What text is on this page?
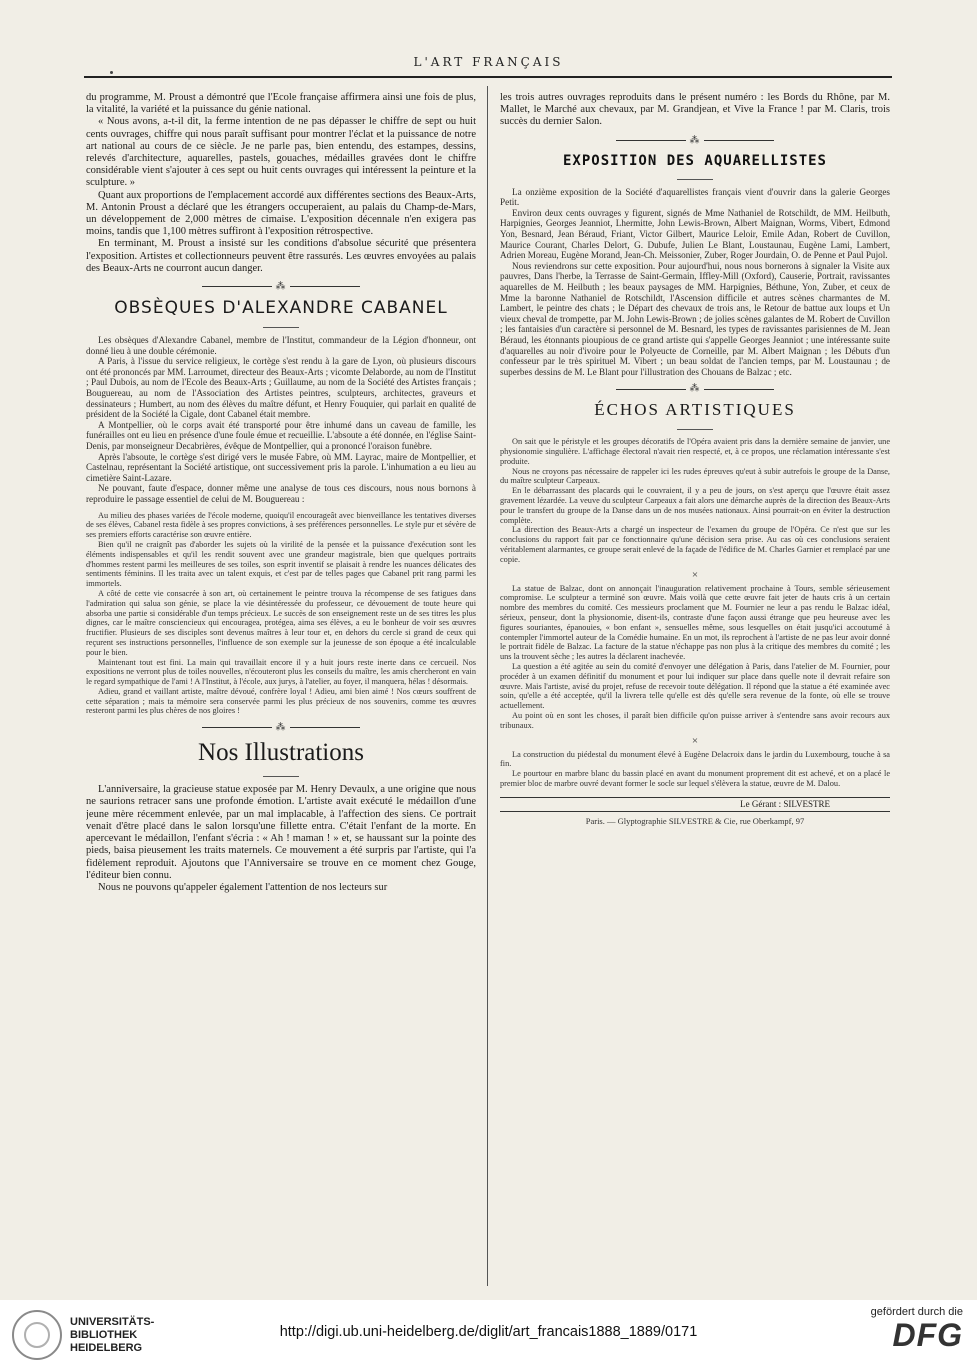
L'ART FRANÇAIS

du programme, M. Proust a démontré que l'Ecole française affirmera ainsi une fois de plus, la vitalité, la variété et la puissance du génie national.

« Nous avons, a-t-il dit, la ferme intention de ne pas dépasser le chiffre de sept ou huit cents ouvrages, chiffre qui nous paraît suffisant pour montrer l'éclat et la puissance de notre art national au cours de ce siècle. Je ne parle pas, bien entendu, des estampes, dessins, relevés d'architecture, aquarelles, pastels, gouaches, médailles gravées dont le chiffre considérable vient s'ajouter à ces sept ou huit cents ouvrages qui intéressent la peinture et la sculpture. »

Quant aux proportions de l'emplacement accordé aux différentes sections des Beaux-Arts, M. Antonin Proust a déclaré que les étrangers occuperaient, au palais du Champ-de-Mars, un développement de 2,000 mètres de cimaise. L'exposition décennale n'en exigera pas moins, tandis que 1,100 mètres suffiront à l'exposition rétrospective.

En terminant, M. Proust a insisté sur les conditions d'absolue sécurité que présentera l'exposition. Artistes et collectionneurs peuvent être rassurés. Les œuvres envoyées au palais des Beaux-Arts ne courront aucun danger.

⁂
OBSÈQUES D'ALEXANDRE CABANEL

Les obsèques d'Alexandre Cabanel, membre de l'Institut, commandeur de la Légion d'honneur, ont donné lieu à une double cérémonie.

A Paris, à l'issue du service religieux, le cortège s'est rendu à la gare de Lyon, où plusieurs discours ont été prononcés par MM. Larroumet, directeur des Beaux-Arts ; vicomte Delaborde, au nom de l'Institut ; Paul Dubois, au nom de l'Ecole des Beaux-Arts ; Guillaume, au nom de la Société des Artistes français ; Bouguereau, au nom de l'Association des Artistes peintres, sculpteurs, architectes, graveurs et dessinateurs ; Humbert, au nom des élèves du maître défunt, et Henry Fouquier, qui parlait en qualité de président de la Société la Cigale, dont Cabanel était membre.

A Montpellier, où le corps avait été transporté pour être inhumé dans un caveau de famille, les funérailles ont eu lieu en présence d'une foule émue et recueillie. L'absoute a été donnée, en l'église Saint-Denis, par monseigneur Decabrières, évêque de Montpellier, qui a prononcé l'oraison funèbre.

Après l'absoute, le cortège s'est dirigé vers le musée Fabre, où MM. Layrac, maire de Montpellier, et Castelnau, représentant la Société artistique, ont successivement pris la parole. L'inhumation a eu lieu au cimetière Saint-Lazare.

Ne pouvant, faute d'espace, donner même une analyse de tous ces discours, nous nous bornons à reproduire le passage essentiel de celui de M. Bouguereau :

Au milieu des phases variées de l'école moderne, quoiqu'il encourageât avec bienveillance les tentatives diverses de ses élèves, Cabanel resta fidèle à ses propres convictions, à ses préférences personnelles. Le style pur et sévère de ses premiers efforts caractérise son œuvre entière.

Bien qu'il ne craignît pas d'aborder les sujets où la virilité de la pensée et la puissance d'exécution sont les éléments indispensables et qu'il les rendit souvent avec une grandeur magistrale, bien que quelques portraits d'hommes restent parmi les meilleures de ses toiles, son esprit inventif se plaisait à rendre les nuances délicates des sentiments féminins. Il les traita avec un talent exquis, et c'est par de telles pages que Cabanel prit rang parmi les immortels.

A côté de cette vie consacrée à son art, où certainement le peintre trouva la récompense de ses fatigues dans l'admiration qui salua son génie, se place la vie désintéressée du professeur, ce dévouement de toute heure qui absorba une partie si considérable d'un temps précieux. Le succès de son enseignement reste un de ses titres les plus dignes, car le maître consciencieux qui encourageа, protégea, aima ses élèves, a eu le bonheur de voir ses œuvres fructifier. Plusieurs de ses disciples sont devenus maîtres à leur tour et, en dehors du cercle si grand de ceux qui reçurent ses instructions personnelles, l'influence de son exemple sur la jeunesse de son époque a été incalculable pour le bien.

Maintenant tout est fini. La main qui travaillait encore il y a huit jours reste inerte dans ce cercueil. Nos expositions ne verront plus de toiles nouvelles, n'écouteront plus les conseils du maître, les amis chercheront en vain le regard sympathique de l'ami ! A l'Institut, à l'école, aux jurys, à l'atelier, au foyer, il manquera, hélas ! désormais.

Adieu, grand et vaillant artiste, maître dévoué, confrère loyal ! Adieu, ami bien aimé ! Nos cœurs souffrent de cette séparation ; mais ta mémoire sera conservée parmi les plus précieux de nos souvenirs, comme tes œuvres resteront parmi les plus chères de nos gloires !

⁂
Nos Illustrations

L'anniversaire, la gracieuse statue exposée par M. Henry Devaulx, a une origine que nous ne saurions retracer sans une profonde émotion. L'artiste avait exécuté le médaillon d'une jeune mère récemment enlevée, par un mal implacable, à l'affection des siens. Ce portrait venait d'être placé dans le salon lorsqu'une fillette entra. C'était l'enfant de la morte. En apercevant le médaillon, l'enfant s'écria : « Ah ! maman ! » et, se haussant sur la pointe des pieds, baisa pieusement les traits maternels. Ce mouvement a été surpris par l'artiste, qui l'a fidèlement reproduit. Ajoutons que l'Anniversaire se trouve en ce moment chez Gouge, l'éditeur bien connu.

Nous ne pouvons qu'appeler également l'attention de nos lecteurs sur

les trois autres ouvrages reproduits dans le présent numéro : les Bords du Rhône, par M. Mallet, le Marché aux chevaux, par M. Grandjean, et Vive la France ! par M. Claris, trois succès du dernier Salon.

⁂
EXPOSITION DES AQUARELLISTES

La onzième exposition de la Société d'aquarellistes français vient d'ouvrir dans la galerie Georges Petit.

Environ deux cents ouvrages y figurent, signés de Mme Nathaniel de Rotschildt, de MM. Heilbuth, Harpignies, Georges Jeanniot, Lhermitte, John Lewis-Brown, Albert Maignan, Worms, Vibert, Edmond Yon, Besnard, Jean Béraud, Friant, Victor Gilbert, Maurice Leloir, Emile Adan, Robert de Cuvillon, Maurice Courant, Charles Delort, G. Dubufe, Julien Le Blant, Loustaunau, Eugène Lami, Lambert, Adrien Moreau, Eugène Morand, Jean-Ch. Meissonier, Zuber, Roger Jourdain, O. de Penne et Paul Pujol.

Nous reviendrons sur cette exposition. Pour aujourd'hui, nous nous bornerons à signaler la Visite aux pauvres, Dans l'herbe, la Terrasse de Saint-Germain, Iffley-Mill (Oxford), Causerie, Portrait, ravissantes aquarelles de M. Heilbuth ; les beaux paysages de MM. Harpignies, Béthune, Yon, Zuber, et ceux de Mme la baronne Nathaniel de Rotschildt, l'Ascension difficile et autres scènes charmantes de M. Lambert, le peintre des chats ; le Départ des chevaux de trois ans, le Retour de battue aux loups et Un vieux cheval de trompette, par M. John Lewis-Brown ; de jolies scènes galantes de M. Robert de Cuvillon ; les fantaisies d'un caractère si personnel de M. Besnard, les types de ravissantes parisiennes de M. Jean Béraud, les étonnants pioupious de ce grand artiste qui s'appelle Georges Jeanniot ; une intéressante suite d'aquarelles au noir d'ivoire pour le Polyeucte de Corneille, par M. Albert Maignan ; les Débuts d'un confesseur par le très spirituel M. Vibert ; un beau soldat de l'ancien temps, par M. Loustaunau ; de superbes dessins de M. Le Blant pour l'illustration des Chouans de Balzac ; etc.

⁂
ÉCHOS ARTISTIQUES

On sait que le péristyle et les groupes décoratifs de l'Opéra avaient pris dans la dernière semaine de janvier, une physionomie singulière. L'affichage électoral n'avait rien respecté, et, à ce propos, une réclamation intéressante s'est produite.

Nous ne croyons pas nécessaire de rappeler ici les rudes épreuves qu'eut à subir autrefois le groupe de la Danse, du maître sculpteur Carpeaux.

En le débarrassant des placards qui le couvraient, il y a peu de jours, on s'est aperçu que l'œuvre était assez gravement lézardée. La veuve du sculpteur Carpeaux a fait alors une démarche auprès de la direction des Beaux-Arts pour le transfert du groupe de la Danse dans un de nos musées nationaux. Ainsi pourrait-on en éviter la destruction complète.

La direction des Beaux-Arts a chargé un inspecteur de l'examen du groupe de l'Opéra. Ce n'est que sur les conclusions du rapport fait par ce fonctionnaire qu'une décision sera prise. Au cas où ces conclusions seraient véritablement alarmantes, ce groupe serait enlevé de la façade de l'édifice de M. Charles Garnier et remplacé par une copie.

×

La statue de Balzac, dont on annonçait l'inauguration relativement prochaine à Tours, semble sérieusement compromise. Le sculpteur a terminé son œuvre. Mais voilà que cette œuvre fait jeter de hauts cris à un certain nombre des membres du comité. Ces messieurs proclament que M. Fournier ne leur a pas rendu le Balzac idéal, sérieux, penseur, dont la physionomie, disent-ils, contraste d'une façon aussi étrange que peu heureuse avec les figures souriantes, épanouies, « bon enfant », sensuelles même, sous lesquelles on était jusqu'ici accoutumé à contempler l'immortel auteur de la Comédie humaine. En un mot, ils reprochent à l'artiste de ne pas leur avoir donné le portrait fidèle de Balzac. La facture de la statue n'échappe pas non plus à la critique des membres du comité ; les uns la trouvent sèche ; les autres la déclarent inachevée.

La question a été agitée au sein du comité d'envoyer une délégation à Paris, dans l'atelier de M. Fournier, pour procéder à un examen définitif du monument et pour lui indiquer sur place dans quelle note il devrait refaire son œuvre. Mais l'artiste, avisé du projet, refuse de recevoir toute délégation. Il répond que la statue a été examinée avec soin, qu'elle a été acceptée, qu'il la livrera telle qu'elle est dès qu'elle sera revenue de la fonte, où elle se trouve actuellement.

Au point où en sont les choses, il paraît bien difficile qu'on puisse arriver à s'entendre sans avoir recours aux tribunaux.

×

La construction du piédestal du monument élevé à Eugène Delacroix dans le jardin du Luxembourg, touche à sa fin.

Le pourtour en marbre blanc du bassin placé en avant du monument proprement dit est achevé, et on a placé le premier bloc de marbre ouvré devant former le socle sur lequel s'élèvera la statue, œuvre de M. Dalou.

Le Gérant : SILVESTRE
Paris. — Glyptographie SILVESTRE & Cie, rue Oberkampf, 97
UNIVERSITÄTS-
BIBLIOTHEK
HEIDELBERG
http://digi.ub.uni-heidelberg.de/diglit/art_francais1888_1889/0171
gefördert durch die
DFG
